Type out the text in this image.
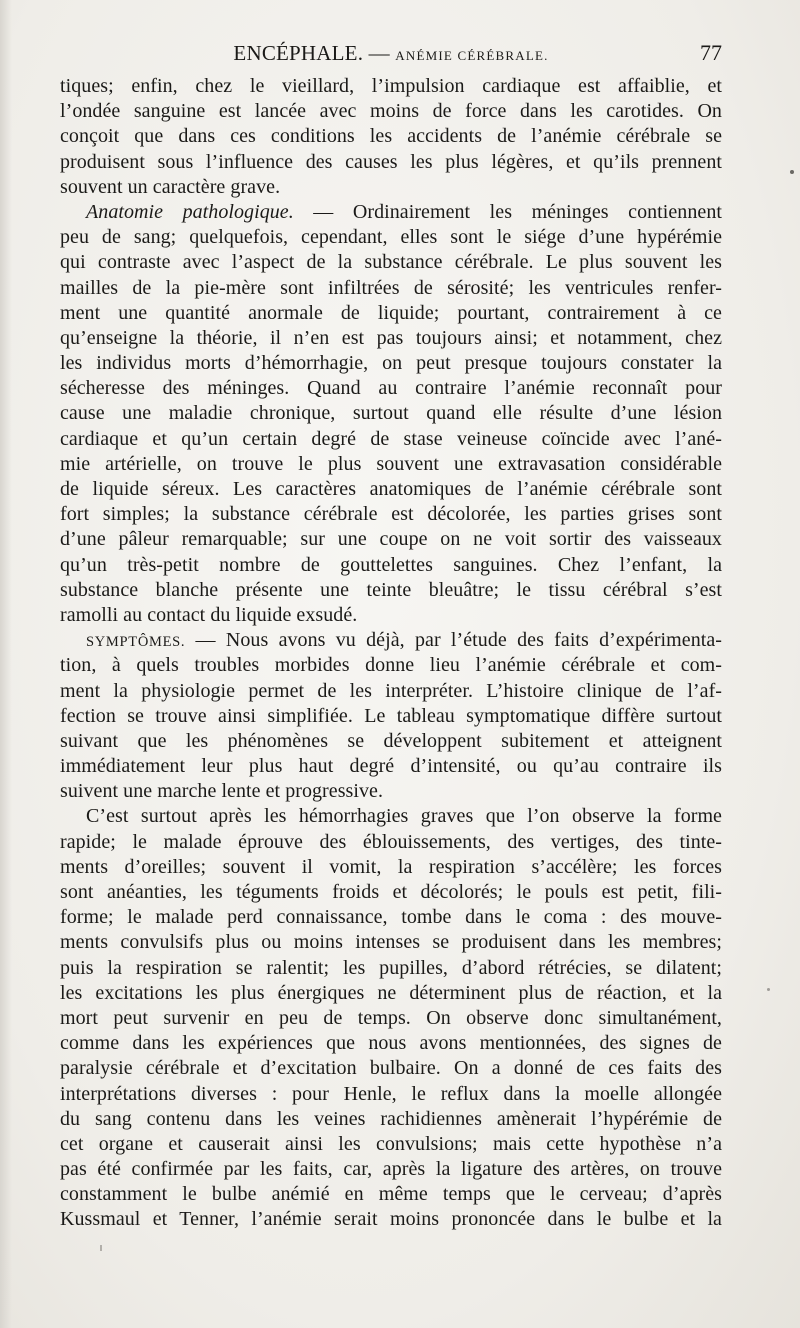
ENCÉPHALE. — ANÉMIE CÉRÉBRALE.	77
tiques; enfin, chez le vieillard, l’impulsion cardiaque est affaiblie, et
l’ondée sanguine est lancée avec moins de force dans les carotides. On
conçoit que dans ces conditions les accidents de l’anémie cérébrale se
produisent sous l’influence des causes les plus légères, et qu’ils prennent
souvent un caractère grave.
Anatomie pathologique. — Ordinairement les méninges contiennent
peu de sang; quelquefois, cependant, elles sont le siége d’une hypérémie
qui contraste avec l’aspect de la substance cérébrale. Le plus souvent les
mailles de la pie-mère sont infiltrées de sérosité; les ventricules renfer-
ment une quantité anormale de liquide; pourtant, contrairement à ce
qu’enseigne la théorie, il n’en est pas toujours ainsi; et notamment, chez
les individus morts d’hémorrhagie, on peut presque toujours constater la
sécheresse des méninges. Quand au contraire l’anémie reconnaît pour
cause une maladie chronique, surtout quand elle résulte d’une lésion
cardiaque et qu’un certain degré de stase veineuse coïncide avec l’ané-
mie artérielle, on trouve le plus souvent une extravasation considérable
de liquide séreux. Les caractères anatomiques de l’anémie cérébrale sont
fort simples; la substance cérébrale est décolorée, les parties grises sont
d’une pâleur remarquable; sur une coupe on ne voit sortir des vaisseaux
qu’un très-petit nombre de gouttelettes sanguines. Chez l’enfant, la
substance blanche présente une teinte bleuâtre; le tissu cérébral s’est
ramolli au contact du liquide exsudé.
SYMPTÔMES. — Nous avons vu déjà, par l’étude des faits d’expérimenta-
tion, à quels troubles morbides donne lieu l’anémie cérébrale et com-
ment la physiologie permet de les interpréter. L’histoire clinique de l’af-
fection se trouve ainsi simplifiée. Le tableau symptomatique diffère surtout
suivant que les phénomènes se développent subitement et atteignent
immédiatement leur plus haut degré d’intensité, ou qu’au contraire ils
suivent une marche lente et progressive.
C’est surtout après les hémorrhagies graves que l’on observe la forme
rapide; le malade éprouve des éblouissements, des vertiges, des tinte-
ments d’oreilles; souvent il vomit, la respiration s’accélère; les forces
sont anéanties, les téguments froids et décolorés; le pouls est petit, fili-
forme; le malade perd connaissance, tombe dans le coma : des mouve-
ments convulsifs plus ou moins intenses se produisent dans les membres;
puis la respiration se ralentit; les pupilles, d’abord rétrécies, se dilatent;
les excitations les plus énergiques ne déterminent plus de réaction, et la
mort peut survenir en peu de temps. On observe donc simultanément,
comme dans les expériences que nous avons mentionnées, des signes de
paralysie cérébrale et d’excitation bulbaire. On a donné de ces faits des
interprétations diverses : pour Henle, le reflux dans la moelle allongée
du sang contenu dans les veines rachidiennes amènerait l’hypérémie de
cet organe et causerait ainsi les convulsions; mais cette hypothèse n’a
pas été confirmée par les faits, car, après la ligature des artères, on trouve
constamment le bulbe anémié en même temps que le cerveau; d’après
Kussmaul et Tenner, l’anémie serait moins prononcée dans le bulbe et la
